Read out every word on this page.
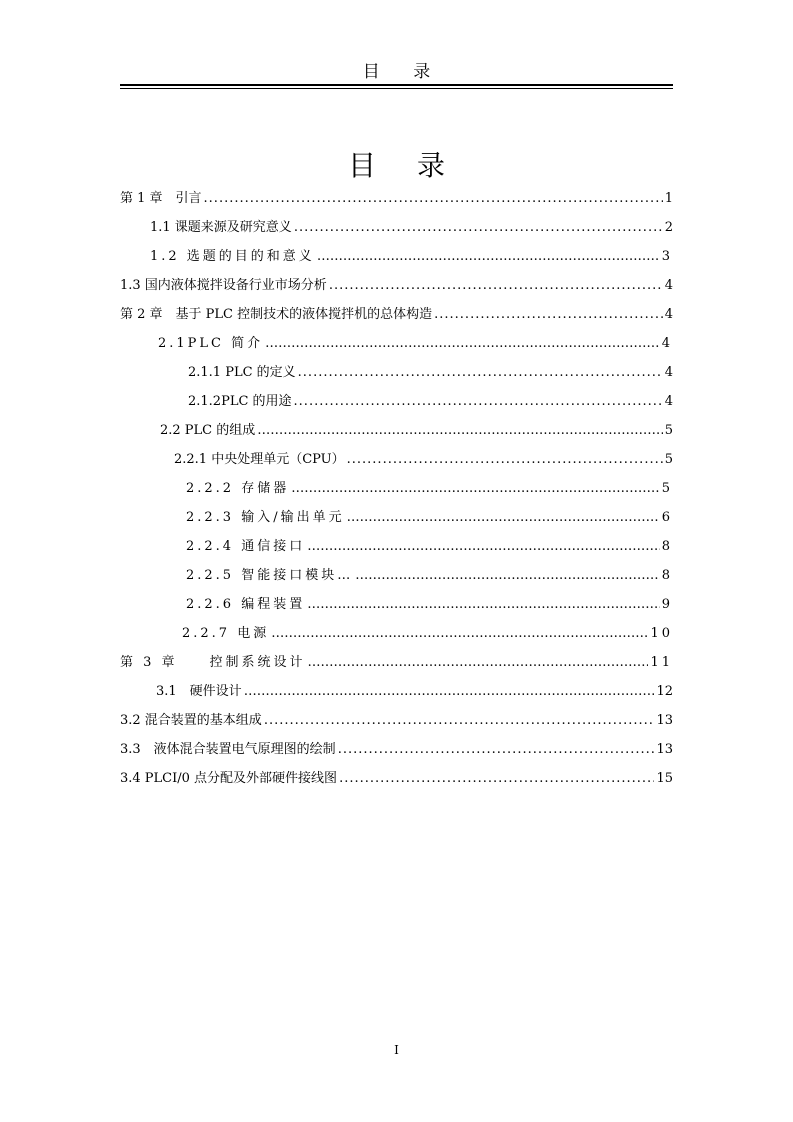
目 录
目 录
第 1 章　引言 .....	1
1.1 课题来源及研究意义 .....	2
1.2 选题的目的和意义 ……………………………………………………………………………………………………………………………………………………………………………………………………………………	3
1.3 国内液体搅拌设备行业市场分析 .....	4
第 2 章　基于 PLC 控制技术的液体搅拌机的总体构造 .....	4
2.1PLC 简介 ……………………………………………………………………………………………………………………………………………………………………………………………………………………	4
2.1.1 PLC 的定义 .....	4
2.1.2PLC 的用途 .....	4
2.2 PLC 的组成 ……………………………………………………………………………………………………………………………………………………………………………………………………………………	5
2.2.1 中央处理单元（CPU） .....	5
2.2.2 存储器 ……………………………………………………………………………………………………………………………………………………………………………………………………………………	5
2.2.3 输入/输出单元 ……………………………………………………………………………………………………………………………………………………………………………………………………………………	6
2.2.4 通信接口 ……………………………………………………………………………………………………………………………………………………………………………………………………………………	8
2.2.5 智能接口模块… ……………………………………………………………………………………………………………………………………………………………………………………………………………………	8
2.2.6 编程装置 ……………………………………………………………………………………………………………………………………………………………………………………………………………………	9
2.2.7 电源 ……………………………………………………………………………………………………………………………………………………………………………………………………………………	10
第 3 章　　控制系统设计 ……………………………………………………………………………………………………………………………………………………………………………………………………………………	11
3.1　硬件设计 ……………………………………………………………………………………………………………………………………………………………………………………………………………………	12
3.2 混合装置的基本组成 .....	13
3.3　液体混合装置电气原理图的绘制 .....	13
3.4 PLCI/0 点分配及外部硬件接线图 .....	15
I
